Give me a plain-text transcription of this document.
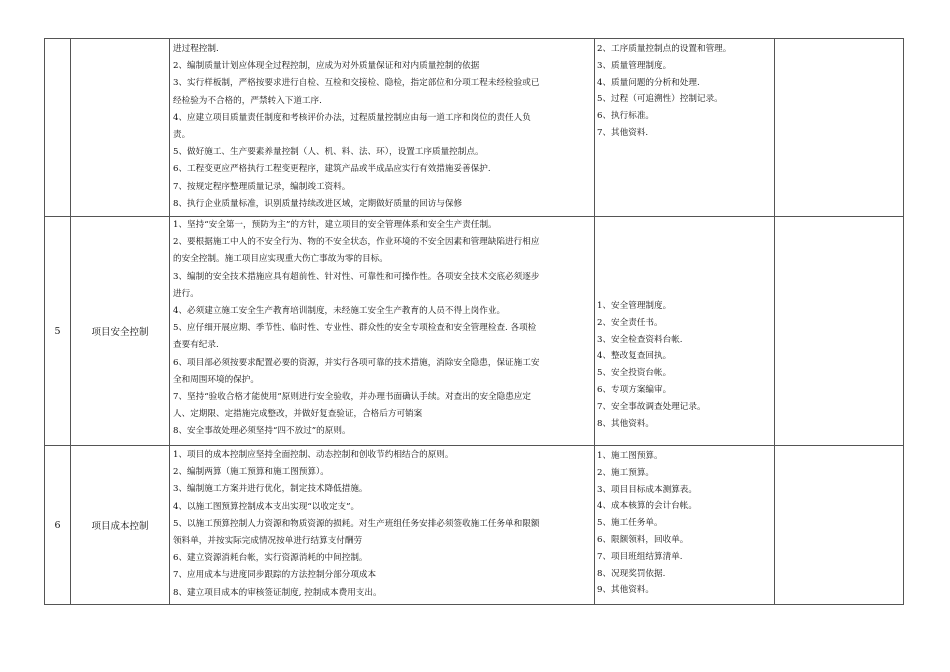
进过程控制.
2、编制质量计划应体现全过程控制，应成为对外质量保证和对内质量控制的依据
3、实行样板制，严格按要求进行自检、互检和交接检、隐检，指定部位和分项工程未经检验或已
经检验为不合格的，严禁转入下道工序.
4、应建立项目质量责任制度和考核评价办法，过程质量控制应由每一道工序和岗位的责任人负
责。
5、做好施工、生产要素养量控制（人、机、料、法、环），设置工序质量控制点。
6、工程变更应严格执行工程变更程序，建筑产品或半成品应实行有效措施妥善保护.
7、按规定程序整理质量记录，编制竣工资料。
8、执行企业质量标准，识别质量持续改进区域，定期做好质量的回访与保修
2、工序质量控制点的设置和管理。
3、质量管理制度。
4、质量问题的分析和处理.
5、过程（可追溯性）控制记录。
6、执行标准。
7、其他资料.
5	项目安全控制
1、坚持“安全第一，预防为主”的方针，建立项目的安全管理体系和安全生产责任制。
2、要根据施工中人的不安全行为、物的不安全状态，作业环境的不安全因素和管理缺陷进行相应
的安全控制。施工项目应实现重大伤亡事故为零的目标。
3、编制的安全技术措施应具有超前性、针对性、可靠性和可操作性。各项安全技术交底必须逐步
进行。
4、必须建立施工安全生产教育培训制度，未经施工安全生产教育的人员不得上岗作业。
5、应仔细开展应期、季节性、临时性、专业性、群众性的安全专项检查和安全管理检查. 各项检
查要有纪录.
6、项目部必须按要求配置必要的资源，并实行各项可靠的技术措施，消除安全隐患，保证施工安
全和周围环境的保护。
7、坚持“验收合格才能使用”原则进行安全验收，并办理书面确认手续。对查出的安全隐患应定
人、定期限、定措施完成整改，并做好复查验证，合格后方可销案
8、安全事故处理必须坚持“四不放过”的原则。
1、安全管理制度。
2、安全责任书。
3、安全检查资料台帐.
4、整改复查回执。
5、安全投资台帐。
6、专项方案编审。
7、安全事故调查处理记录。
8、其他资料。
6	项目成本控制
1、项目的成本控制应坚持全面控制、动态控制和创收节约相结合的原则。
2、编制两算（施工预算和施工图预算）。
3、编制施工方案并进行优化，制定技术降低措施。
4、以施工图预算控制成本支出实现“以收定支”。
5、以施工预算控制人力资源和物质资源的损耗。对生产班组任务安排必须签收施工任务单和限额
领料单，并按实际完成情况按单进行结算支付酬劳
6、建立资源消耗台帐，实行资源消耗的中间控制。
7、应用成本与进度同步跟踪的方法控制分部分项成本
8、建立项目成本的审核签证制度, 控制成本费用支出。
1、施工图预算。
2、施工预算。
3、项目目标成本测算表。
4、成本核算的会计台帐。
5、施工任务单。
6、限额领料，回收单。
7、项目班组结算清单.
8、况现奖罚依据.
9、其他资料。
